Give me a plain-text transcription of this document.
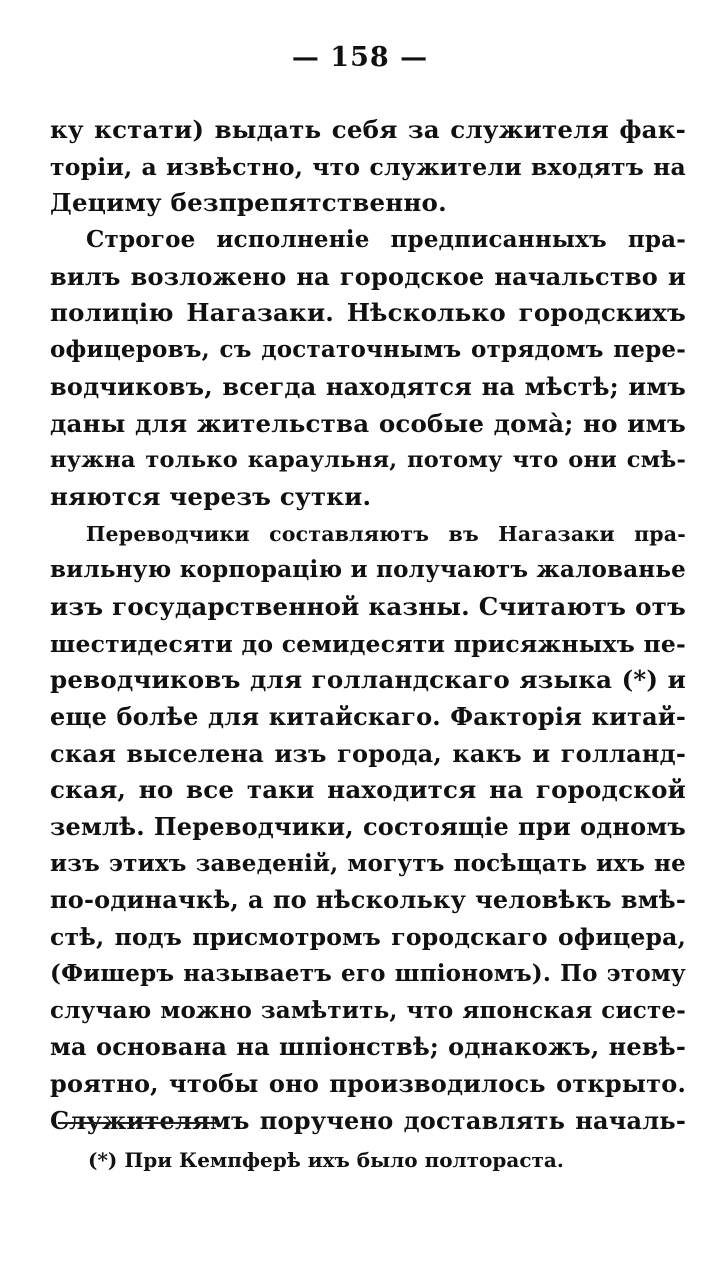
— 158 —
ку кстати) выдать себя за служителя фак-
торіи, а извѣстно, что служители входятъ на
Дециму безпрепятственно.
Строгое исполненіе предписанныхъ пра-
вилъ возложено на городское начальство и
полицію Нагазаки. Нѣсколько городскихъ
офицеровъ, съ достаточнымъ отрядомъ пере-
водчиковъ, всегда находятся на мѣстѣ; имъ
даны для жительства особые домà; но имъ
нужна только караульня, потому что они смѣ-
няются черезъ сутки.
Переводчики составляютъ въ Нагазаки пра-
вильную корпорацію и получаютъ жалованье
изъ государственной казны. Считаютъ отъ
шестидесяти до семидесяти присяжныхъ пе-
реводчиковъ для голландскаго языка (*) и
еще болѣе для китайскаго. Факторія китай-
ская выселена изъ города, какъ и голланд-
ская, но все таки находится на городской
землѣ. Переводчики, состоящіе при одномъ
изъ этихъ заведеній, могутъ посѣщать ихъ не
по-одиначкѣ, а по нѣскольку человѣкъ вмѣ-
стѣ, подъ присмотромъ городскаго офицера,
(Фишеръ называетъ его шпіономъ). По этому
случаю можно замѣтить, что японская систе-
ма основана на шпіонствѣ; однакожъ, невѣ-
роятно, чтобы оно производилось открыто.
Служителямъ поручено доставлять началь-
(*) При Кемпферѣ ихъ было полтораста.
